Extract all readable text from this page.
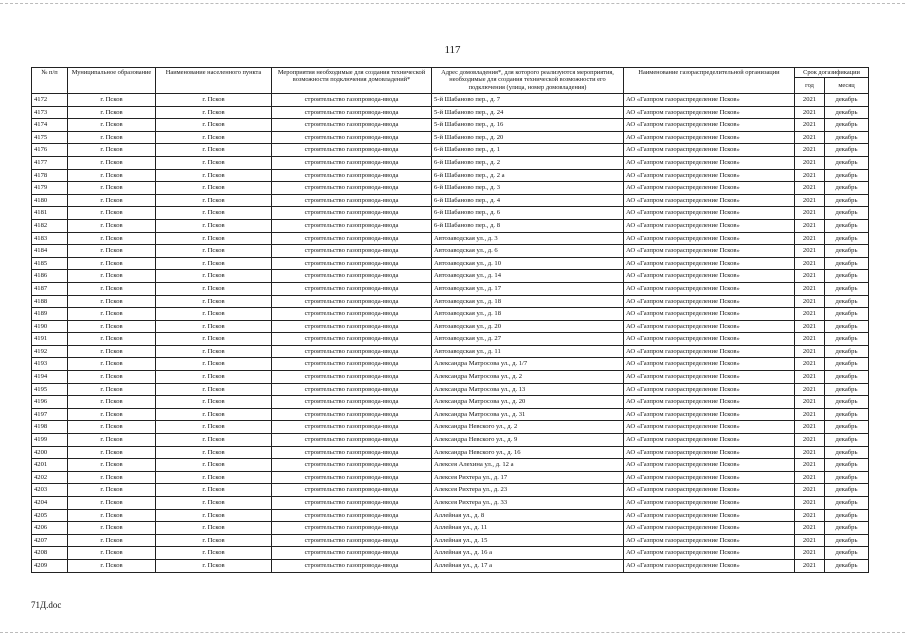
117
№ п/п	Муниципальное образование	Наименование населенного пункта	Мероприятия необходимые для создания технической возможности подключения домовладений*	Адрес домовладения*, для которого реализуются мероприятия, необходимые для создания технической возможности его подключения (улица, номер домовладения)	Наименование газораспределительной организации	Срок догазификации	
						год	месяц
4172	г. Псков	г. Псков	строительство газопровода-ввода	5-й Шабаново пер., д. 7	АО «Газпром газораспределение Псков»	2021	декабрь
4173	г. Псков	г. Псков	строительство газопровода-ввода	5-й Шабаново пер., д. 24	АО «Газпром газораспределение Псков»	2021	декабрь
4174	г. Псков	г. Псков	строительство газопровода-ввода	5-й Шабаново пер., д. 16	АО «Газпром газораспределение Псков»	2021	декабрь
4175	г. Псков	г. Псков	строительство газопровода-ввода	5-й Шабаново пер., д. 20	АО «Газпром газораспределение Псков»	2021	декабрь
4176	г. Псков	г. Псков	строительство газопровода-ввода	6-й Шабаново пер., д. 1	АО «Газпром газораспределение Псков»	2021	декабрь
4177	г. Псков	г. Псков	строительство газопровода-ввода	6-й Шабаново пер., д. 2	АО «Газпром газораспределение Псков»	2021	декабрь
4178	г. Псков	г. Псков	строительство газопровода-ввода	6-й Шабаново пер., д. 2 а	АО «Газпром газораспределение Псков»	2021	декабрь
4179	г. Псков	г. Псков	строительство газопровода-ввода	6-й Шабаново пер., д. 3	АО «Газпром газораспределение Псков»	2021	декабрь
4180	г. Псков	г. Псков	строительство газопровода-ввода	6-й Шабаново пер., д. 4	АО «Газпром газораспределение Псков»	2021	декабрь
4181	г. Псков	г. Псков	строительство газопровода-ввода	6-й Шабаново пер., д. 6	АО «Газпром газораспределение Псков»	2021	декабрь
4182	г. Псков	г. Псков	строительство газопровода-ввода	6-й Шабаново пер., д. 8	АО «Газпром газораспределение Псков»	2021	декабрь
4183	г. Псков	г. Псков	строительство газопровода-ввода	Автозаводская ул., д. 3	АО «Газпром газораспределение Псков»	2021	декабрь
4184	г. Псков	г. Псков	строительство газопровода-ввода	Автозаводская ул., д. 6	АО «Газпром газораспределение Псков»	2021	декабрь
4185	г. Псков	г. Псков	строительство газопровода-ввода	Автозаводская ул., д. 10	АО «Газпром газораспределение Псков»	2021	декабрь
4186	г. Псков	г. Псков	строительство газопровода-ввода	Автозаводская ул., д. 14	АО «Газпром газораспределение Псков»	2021	декабрь
4187	г. Псков	г. Псков	строительство газопровода-ввода	Автозаводская ул., д. 17	АО «Газпром газораспределение Псков»	2021	декабрь
4188	г. Псков	г. Псков	строительство газопровода-ввода	Автозаводская ул., д. 18	АО «Газпром газораспределение Псков»	2021	декабрь
4189	г. Псков	г. Псков	строительство газопровода-ввода	Автозаводская ул., д. 18	АО «Газпром газораспределение Псков»	2021	декабрь
4190	г. Псков	г. Псков	строительство газопровода-ввода	Автозаводская ул., д. 20	АО «Газпром газораспределение Псков»	2021	декабрь
4191	г. Псков	г. Псков	строительство газопровода-ввода	Автозаводская ул., д. 27	АО «Газпром газораспределение Псков»	2021	декабрь
4192	г. Псков	г. Псков	строительство газопровода-ввода	Автозаводская ул., д. 11	АО «Газпром газораспределение Псков»	2021	декабрь
4193	г. Псков	г. Псков	строительство газопровода-ввода	Александра Матросова ул., д. 1/7	АО «Газпром газораспределение Псков»	2021	декабрь
4194	г. Псков	г. Псков	строительство газопровода-ввода	Александра Матросова ул., д. 2	АО «Газпром газораспределение Псков»	2021	декабрь
4195	г. Псков	г. Псков	строительство газопровода-ввода	Александра Матросова ул., д. 13	АО «Газпром газораспределение Псков»	2021	декабрь
4196	г. Псков	г. Псков	строительство газопровода-ввода	Александра Матросова ул., д. 20	АО «Газпром газораспределение Псков»	2021	декабрь
4197	г. Псков	г. Псков	строительство газопровода-ввода	Александра Матросова ул., д. 31	АО «Газпром газораспределение Псков»	2021	декабрь
4198	г. Псков	г. Псков	строительство газопровода-ввода	Александра Невского ул., д. 2	АО «Газпром газораспределение Псков»	2021	декабрь
4199	г. Псков	г. Псков	строительство газопровода-ввода	Александра Невского ул., д. 9	АО «Газпром газораспределение Псков»	2021	декабрь
4200	г. Псков	г. Псков	строительство газопровода-ввода	Александра Невского ул., д. 16	АО «Газпром газораспределение Псков»	2021	декабрь
4201	г. Псков	г. Псков	строительство газопровода-ввода	Алексея Алехина ул., д. 12 а	АО «Газпром газораспределение Псков»	2021	декабрь
4202	г. Псков	г. Псков	строительство газопровода-ввода	Алексея Рихтера ул., д. 17	АО «Газпром газораспределение Псков»	2021	декабрь
4203	г. Псков	г. Псков	строительство газопровода-ввода	Алексея Рихтера ул., д. 23	АО «Газпром газораспределение Псков»	2021	декабрь
4204	г. Псков	г. Псков	строительство газопровода-ввода	Алексея Рихтера ул., д. 33	АО «Газпром газораспределение Псков»	2021	декабрь
4205	г. Псков	г. Псков	строительство газопровода-ввода	Аллейная ул., д. 8	АО «Газпром газораспределение Псков»	2021	декабрь
4206	г. Псков	г. Псков	строительство газопровода-ввода	Аллейная ул., д. 11	АО «Газпром газораспределение Псков»	2021	декабрь
4207	г. Псков	г. Псков	строительство газопровода-ввода	Аллейная ул., д. 15	АО «Газпром газораспределение Псков»	2021	декабрь
4208	г. Псков	г. Псков	строительство газопровода-ввода	Аллейная ул., д. 16 а	АО «Газпром газораспределение Псков»	2021	декабрь
4209	г. Псков	г. Псков	строительство газопровода-ввода	Аллейная ул., д. 17 а	АО «Газпром газораспределение Псков»	2021	декабрь
71Д.doc
